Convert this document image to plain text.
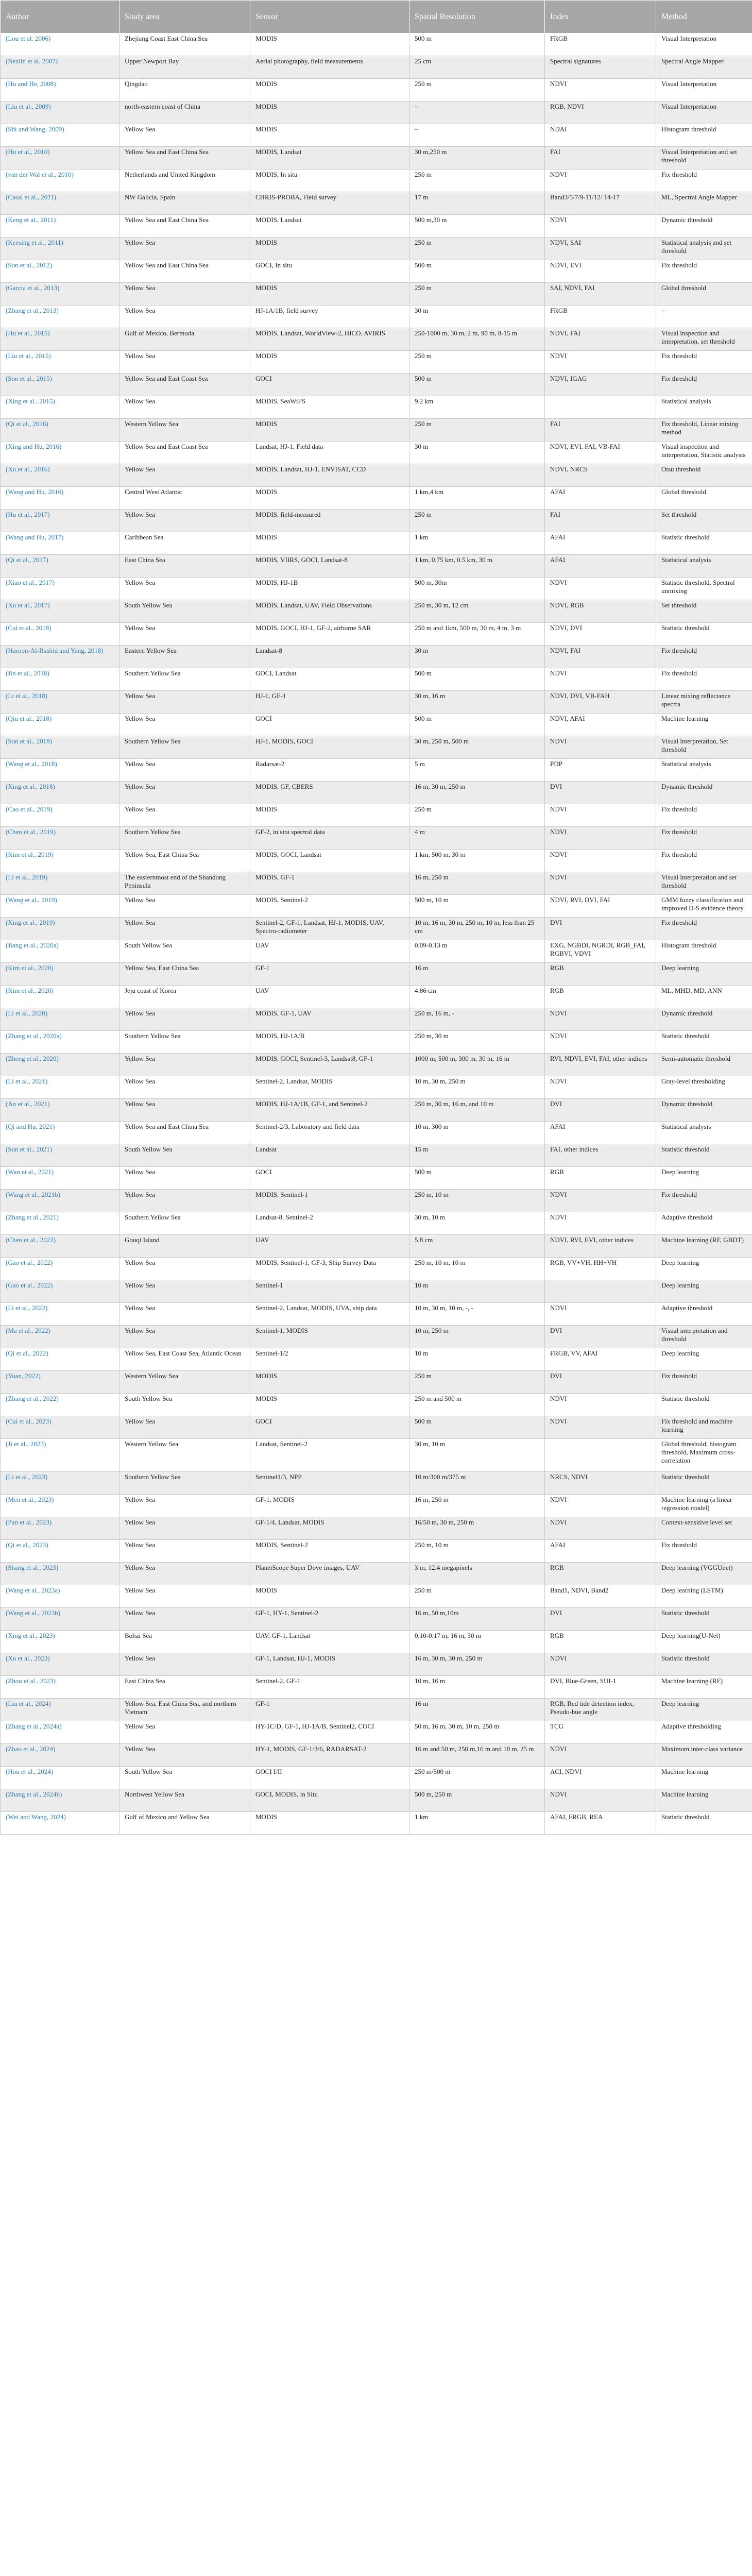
Author	Study area	Sensor	Spatial Resolution	Index	Method
(Lou et al. 2006)	Zhejiang Coast East China Sea	MODIS	500 m	FRGB	Visual Interpretation
(Nezlin et al. 2007)	Upper Newport Bay	Aerial photography, field measurements	25 cm	Spectral signatures	Spectral Angle Mapper
(Hu and He, 2008)	Qingdao	MODIS	250 m	NDVI	Visual Interpretation
(Liu et al., 2009)	north-eastern coast of China	MODIS	–	RGB, NDVI	Visual Interpretation
(Shi and Wang, 2009)	Yellow Sea	MODIS	–	NDAI	Histogram threshold
(Hu et al., 2010)	Yellow Sea and East China Sea	MODIS, Landsat	30 m,250 m	FAI	Visual Interpretation and set threshold
(van der Wal et al., 2010)	Netherlands and United Kingdom	MODIS, In situ	250 m	NDVI	Fix threshold
(Casal et al., 2011)	NW Galicia, Spain	CHRIS-PROBA, Field survey	17 m	Band3/5/7/9-11/12/ 14-17	ML, Spectral Angle Mapper
(Keng et al., 2011)	Yellow Sea and East China Sea	MODIS, Landsat	500 m,30 m	NDVI	Dynamic threshold
(Keesing et al., 2011)	Yellow Sea	MODIS	250 m	NDVI, SAI	Statistical analysis and set threshold
(Son et al., 2012)	Yellow Sea and East China Sea	GOCI, In situ	500 m	NDVI, EVI	Fix threshold
(Garcia et al., 2013)	Yellow Sea	MODIS	250 m	SAI, NDVI, FAI	Global threshold
(Zhang et al., 2013)	Yellow Sea	HJ-1A/1B, field survey	30 m	FRGB	–
(Hu et al., 2015)	Gulf of Mexico, Bermuda	MODIS, Landsat, WorldView-2, HICO, AVIRIS	250-1000 m, 30 m, 2 m, 90 m, 8-15 m	NDVI, FAI	Visual inspection and interpretation, set threshold
(Liu et al., 2015)	Yellow Sea	MODIS	250 m	NDVI	Fix threshold
(Son et al., 2015)	Yellow Sea and East Coast Sea	GOCI	500 m	NDVI, IGAG	Fix threshold
(Xing et al., 2015)	Yellow Sea	MODIS, SeaWiFS	9.2 km		Statistical analysis
(Qi et al., 2016)	Western Yellow Sea	MODIS	250 m	FAI	Fix threshold, Linear mixing method
(Xing and Hu, 2016)	Yellow Sea and East Coast Sea	Landsat, HJ-1, Field data	30 m	NDVI, EVI, FAI, VB-FAI	Visual inspection and interpretation, Statistic analysis
(Xu et al., 2016)	Yellow Sea	MODIS, Landsat, HJ-1, ENVISAT, CCD		NDVI, NRCS	Otsu threshold
(Wang and Hu, 2016)	Central West Atlantic	MODIS	1 km,4 km	AFAI	Global threshold
(Hu et al., 2017)	Yellow Sea	MODIS, field-measured	250 m	FAI	Set threshold
(Wang and Hu, 2017)	Caribbean Sea	MODIS	1 km	AFAI	Statistic threshold
(Qi et al., 2017)	East China Sea	MODIS, VIIRS, GOCI, Landsat-8	1 km, 0.75 km, 0.5 km, 30 m	AFAI	Statistical analysis
(Xiao et al., 2017)	Yellow Sea	MODIS, HJ-1B	500 m, 30m	NDVI	Statistic threshold, Spectral unmixing
(Xu et al., 2017)	South Yellow Sea	MODIS, Landsat, UAV, Field Observations	250 m, 30 m, 12 cm	NDVI, RGB	Set threshold
(Cui et al., 2018)	Yellow Sea	MODIS, GOCI, HJ-1, GF-2, airborne SAR	250 m and 1km, 500 m, 30 m, 4 m, 3 m	NDVI, DVI	Statistic threshold
(Haroon-Al-Rashid and Yang, 2018)	Eastern Yellow Sea	Landsat-8	30 m	NDVI, FAI	Fix threshold
(Jin et al., 2018)	Southern Yellow Sea	GOCI, Landsat	500 m	NDVI	Fix threshold
(Li et al., 2018)	Yellow Sea	HJ-1, GF-1	30 m, 16 m	NDVI, DVI, VB-FAH	Linear mixing reflectance spectra
(Qiu et al., 2018)	Yellow Sea	GOCI	500 m	NDVI, AFAI	Machine learning
(Son et al., 2018)	Southern Yellow Sea	HJ-1, MODIS, GOCI	30 m, 250 m, 500 m	NDVI	Visual interpretation, Set threshold
(Wang et al., 2018)	Yellow Sea	Radarsat-2	5 m	PDP	Statistical analysis
(Xing et al., 2018)	Yellow Sea	MODIS, GF, CBERS	16 m, 30 m, 250 m	DVI	Dynamic threshold
(Cao et al., 2019)	Yellow Sea	MODIS	250 m	NDVI	Fix threshold
(Chen et al., 2019)	Southern Yellow Sea	GF-2, in situ spectral data	4 m	NDVI	Fix threshold
(Kim et al., 2019)	Yellow Sea, East China Sea	MODIS, GOCI, Landsat	1 km, 500 m, 30 m	NDVI	Fix threshold
(Li et al., 2019)	The easternmost end of the Shandong Peninsula	MODIS, GF-1	16 m, 250 m	NDVI	Visual interpretation and set threshold
(Wang et al., 2019)	Yellow Sea	MODIS, Sentinel-2	500 m, 10 m	NDVI, RVI, DVI, FAI	GMM fuzzy classification and improved D-S evidence theory
(Xing et al., 2019)	Yellow Sea	Sentinel-2, GF-1, Landsat, HJ-1, MODIS, UAV, Spectro-radiometer	10 m, 16 m, 30 m, 250 m, 10 m, less than 25 cm	DVI	Fix threshold
(Jiang et al., 2020a)	South Yellow Sea	UAV	0.09-0.13 m	EXG, NGBDI, NGRDI, RGB_FAI, RGBVI, VDVI	Histogram threshold
(Kim et al., 2020)	Yellow Sea, East China Sea	GF-1	16 m	RGB	Deep learning
(Kim et al., 2020)	Jeju coast of Korea	UAV	4.86 cm	RGB	ML, MHD, MD, ANN
(Li et al., 2020)	Yellow Sea	MODIS, GF-1, UAV	250 m, 16 m, -	NDVI	Dynamic threshold
(Zhang et al., 2020a)	Southern Yellow Sea	MODIS, HJ-1A/B	250 m, 30 m	NDVI	Statistic threshold
(Zheng et al., 2020)	Yellow Sea	MODIS, GOCI, Sentinel-3, Landsat8, GF-1	1000 m, 500 m, 300 m, 30 m, 16 m	RVI, NDVI, EVI, FAI, other indices	Semi-automatic threshold
(Li et al., 2021)	Yellow Sea	Sentinel-2, Landsat, MODIS	10 m, 30 m, 250 m	NDVI	Gray-level thresholding
(An et al., 2021)	Yellow Sea	MODIS, HJ-1A/1B, GF-1, and Sentinel-2	250 m, 30 m, 16 m, and 10 m	DVI	Dynamic threshold
(Qi and Hu, 2021)	Yellow Sea and East China Sea	Sentinel-2/3, Laboratory and field data	10 m, 300 m	AFAI	Statistical analysis
(Sun et al., 2021)	South Yellow Sea	Landsat	15 m	FAI, other indices	Statistic threshold
(Wan et al., 2021)	Yellow Sea	GOCI	500 m	RGB	Deep learning
(Wang et al., 2021b)	Yellow Sea	MODIS, Sentinel-1	250 m, 10 m	NDVI	Fix threshold
(Zhang et al., 2021)	Southern Yellow Sea	Landsat-8, Sentinel-2	30 m, 10 m	NDVI	Adaptive threshold
(Chen et al., 2022)	Gouqi Island	UAV	5.8 cm	NDVI, RVI, EVI, other indices	Machine learning (RF, GBDT)
(Gao et al., 2022)	Yellow Sea	MODIS, Sentinel-1, GF-3, Ship Survey Data	250 m, 10 m, 10 m	RGB, VV+VH, HH+VH	Deep learning
(Gao et al., 2022)	Yellow Sea	Sentinel-1	10 m		Deep learning
(Li et al., 2022)	Yellow Sea	Sentinel-2, Landsat, MODIS, UVA, ship data	10 m, 30 m, 10 m, -, -	NDVI	Adaptive threshold
(Ma et al., 2022)	Yellow Sea	Sentinel-1, MODIS	10 m, 250 m	DVI	Visual interpretation and threshold
(Qi et al., 2022)	Yellow Sea, East Coast Sea, Atlantic Ocean	Sentinel-1/2	10 m	FRGB, VV, AFAI	Deep learning
(Yuan, 2022)	Western Yellow Sea	MODIS	250 m	DVI	Fix threshold
(Zhang et al., 2022)	South Yellow Sea	MODIS	250 m and 500 m	NDVI	Statistic threshold
(Cui et al., 2023)	Yellow Sea	GOCI	500 m	NDVI	Fix threshold and machine learning
(Ji et al., 2023)	Western Yellow Sea	Landsat, Sentinel-2	30 m, 10 m		Global threshold, histogram threshold, Maximum cross-correlation
(Li et al., 2023)	Southern Yellow Sea	Sentinel1/3, NPP	10 m/300 m/375 m	NRCS, NDVI	Statistic threshold
(Men et al., 2023)	Yellow Sea	GF-1, MODIS	16 m, 250 m	NDVI	Machine learning (a linear regression model)
(Pan et al., 2023)	Yellow Sea	GF-1/4, Landsat, MODIS	16/50 m, 30 m, 250 m	NDVI	Context-sensitive level set
(Qi et al., 2023)	Yellow Sea	MODIS, Sentinel-2	250 m, 10 m	AFAI	Fix threshold
(Shang et al., 2023)	Yellow Sea	PlanetScope Super Dove images, UAV	3 m, 12.4 megapixels	RGB	Deep learning (VGGUnet)
(Wang et al., 2023a)	Yellow Sea	MODIS	250 m	Band1, NDVI, Band2	Deep learning (LSTM)
(Wang et al., 2023b)	Yellow Sea	GF-1, HY-1, Sentinel-2	16 m, 50 m,10m	DVI	Statistic threshold
(Xing et al., 2023)	Bohai Sea	UAV, GF-1, Landsat	0.10-0.17 m, 16 m, 30 m	RGB	Deep learning(U-Net)
(Xu et al., 2023)	Yellow Sea	GF-1, Landsat, HJ-1, MODIS	16 m, 30 m, 30 m, 250 m	NDVI	Statistic threshold
(Zhou et al., 2023)	East China Sea	Sentinel-2, GF-1	10 m, 16 m	DVI, Blue-Green, SUI-1	Machine learning (RF)
(Liu et al., 2024)	Yellow Sea, East China Sea, and northern Vietnam	GF-1	16 m	RGB, Red tide detection index, Pseudo-hue angle	Deep learning
(Zhang et al., 2024a)	Yellow Sea	HY-1C/D, GF-1, HJ-1A/B, Sentinel2, COCI	50 m, 16 m, 30 m, 10 m, 250 m	TCG	Adaptive thresholding
(Zhao et al., 2024)	Yellow Sea	HY-1, MODIS, GF-1/3/6, RADARSAT-2	16 m and 50 m, 250 m,16 m and 10 m, 25 m	NDVI	Maximum inter-class variance
(Hou et al., 2024)	South Yellow Sea	GOCI I/II	250 m/500 m	ACI, NDVI	Machine learning
(Zhang et al., 2024b)	Northwest Yellow Sea	GOCI, MODIS, in Situ	500 m, 250 m	NDVI	Machine learning
(Wei and Wang, 2024)	Gulf of Mexico and Yellow Sea	MODIS	1 km	AFAI, FRGB, REA	Statistic threshold
